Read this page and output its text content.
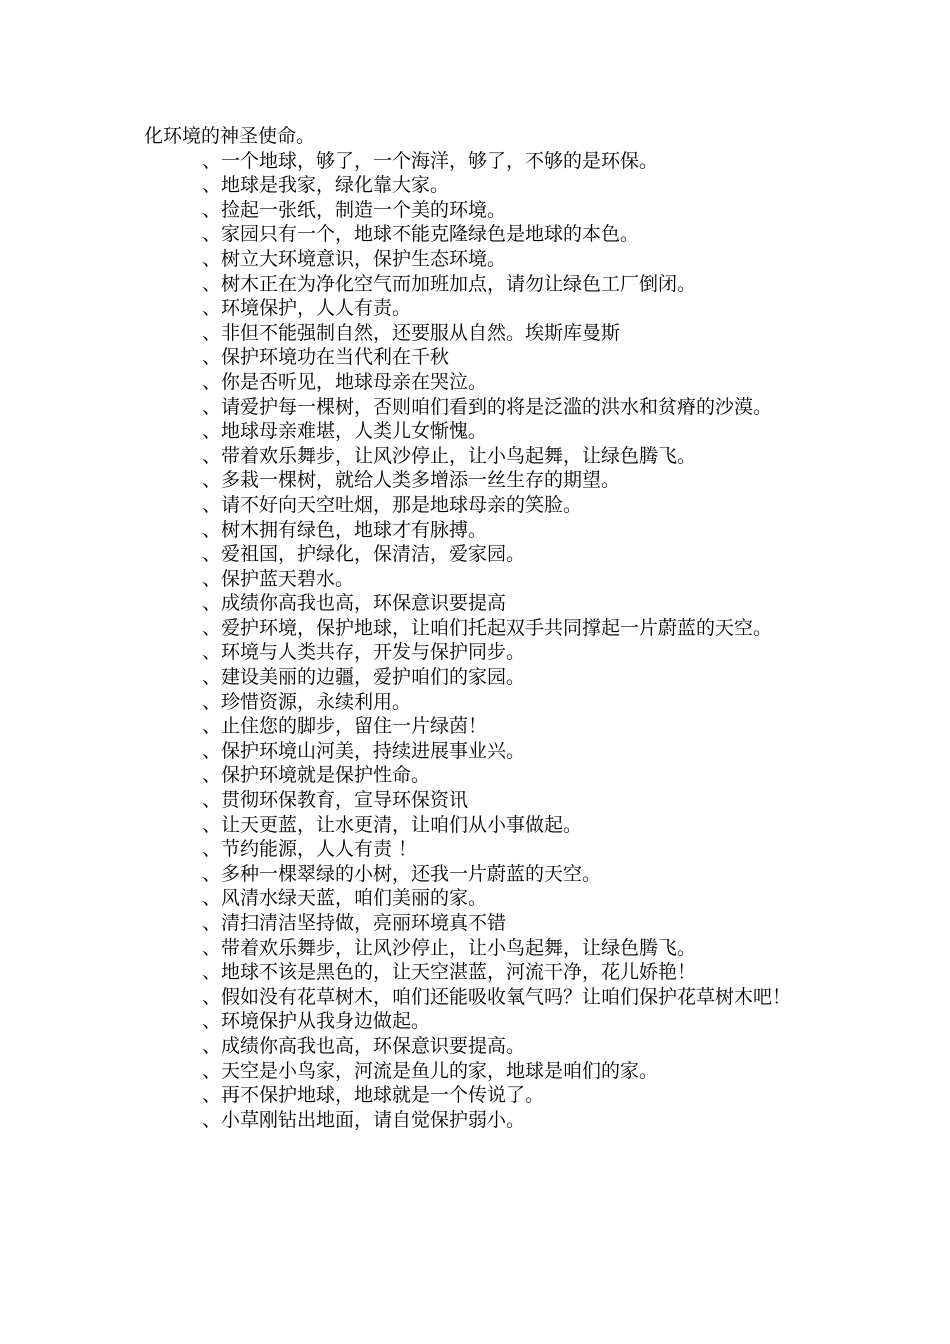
化环境的神圣使命。

、一个地球，够了，一个海洋，够了，不够的是环保。

、地球是我家，绿化靠大家。

、捡起一张纸，制造一个美的环境。

、家园只有一个，地球不能克隆绿色是地球的本色。

、树立大环境意识，保护生态环境。

、树木正在为净化空气而加班加点，请勿让绿色工厂倒闭。

、环境保护，人人有责。

、非但不能强制自然，还要服从自然。埃斯库曼斯

、保护环境功在当代利在千秋

、你是否听见，地球母亲在哭泣。

、请爱护每一棵树，否则咱们看到的将是泛滥的洪水和贫瘠的沙漠。

、地球母亲难堪，人类儿女惭愧。

、带着欢乐舞步，让风沙停止，让小鸟起舞，让绿色腾飞。

、多栽一棵树，就给人类多增添一丝生存的期望。

、请不好向天空吐烟，那是地球母亲的笑脸。

、树木拥有绿色，地球才有脉搏。

、爱祖国，护绿化，保清洁，爱家园。

、保护蓝天碧水。

、成绩你高我也高，环保意识要提高

、爱护环境，保护地球，让咱们托起双手共同撑起一片蔚蓝的天空。

、环境与人类共存，开发与保护同步。

、建设美丽的边疆，爱护咱们的家园。

、珍惜资源，永续利用。

、止住您的脚步，留住一片绿茵！

、保护环境山河美，持续进展事业兴。

、保护环境就是保护性命。

、贯彻环保教育，宣导环保资讯

、让天更蓝，让水更清，让咱们从小事做起。

、节约能源，人人有责 ！

、多种一棵翠绿的小树，还我一片蔚蓝的天空。

、风清水绿天蓝，咱们美丽的家。

、清扫清洁坚持做，亮丽环境真不错

、带着欢乐舞步，让风沙停止，让小鸟起舞，让绿色腾飞。

、地球不该是黑色的，让天空湛蓝，河流干净，花儿娇艳！

、假如没有花草树木，咱们还能吸收氧气吗？让咱们保护花草树木吧！

、环境保护从我身边做起。

、成绩你高我也高，环保意识要提高。

、天空是小鸟家，河流是鱼儿的家，地球是咱们的家。

、再不保护地球，地球就是一个传说了。

、小草刚钻出地面，请自觉保护弱小。
